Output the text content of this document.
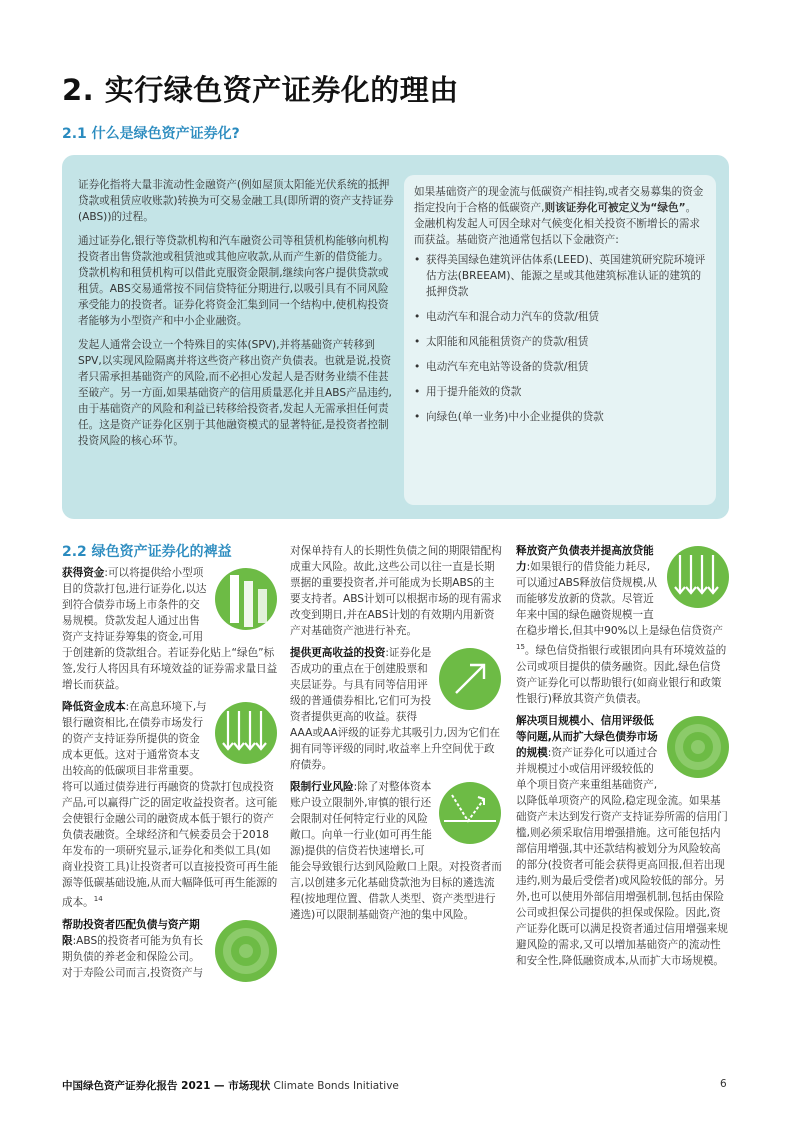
2. 实行绿色资产证券化的理由
2.1 什么是绿色资产证券化?

证券化指将大量非流动性金融资产(例如屋顶太阳能光伏系统的抵押贷款或租赁应收账款)转换为可交易金融工具(即所谓的资产支持证券(ABS))的过程。

通过证券化,银行等贷款机构和汽车融资公司等租赁机构能够向机构投资者出售贷款池或租赁池或其他应收款,从而产生新的借贷能力。贷款机构和租赁机构可以借此克服资金限制,继续向客户提供贷款或租赁。ABS交易通常按不同信贷特征分期进行,以吸引具有不同风险承受能力的投资者。证券化将资金汇集到同一个结构中,使机构投资者能够为小型资产和中小企业融资。

发起人通常会设立一个特殊目的实体(SPV),并将基础资产转移到SPV,以实现风险隔离并将这些资产移出资产负债表。也就是说,投资者只需承担基础资产的风险,而不必担心发起人是否财务业绩不佳甚至破产。另一方面,如果基础资产的信用质量恶化并且ABS产品违约,由于基础资产的风险和利益已转移给投资者,发起人无需承担任何责任。这是资产证券化区别于其他融资模式的显著特征,是投资者控制投资风险的核心环节。

如果基础资产的现金流与低碳资产相挂钩,或者交易募集的资金指定投向于合格的低碳资产,则该证券化可被定义为“绿色”。金融机构发起人可因全球对气候变化相关投资不断增长的需求而获益。基础资产池通常包括以下金融资产:

• 获得美国绿色建筑评估体系(LEED)、英国建筑研究院环境评估方法(BREEAM)、能源之星或其他建筑标准认证的建筑的抵押贷款
• 电动汽车和混合动力汽车的贷款/租赁
• 太阳能和风能租赁资产的贷款/租赁
• 电动汽车充电站等设备的贷款/租赁
• 用于提升能效的贷款
• 向绿色(单一业务)中小企业提供的贷款
2.2 绿色资产证券化的裨益

获得资金:可以将提供给小型项目的贷款打包,进行证券化,以达到符合债券市场上市条件的交易规模。贷款发起人通过出售资产支持证券筹集的资金,可用于创建新的贷款组合。若证券化贴上“绿色”标签,发行人将因具有环境效益的证券需求量日益增长而获益。

降低资金成本:在高息环境下,与银行融资相比,在债券市场发行的资产支持证券所提供的资金成本更低。这对于通常资本支出较高的低碳项目非常重要。将可以通过债券进行再融资的贷款打包成投资产品,可以赢得广泛的固定收益投资者。这可能会使银行金融公司的融资成本低于银行的资产负债表融资。全球经济和气候委员会于2018年发布的一项研究显示,证券化和类似工具(如商业投资工具)让投资者可以直接投资可再生能源等低碳基础设施,从而大幅降低可再生能源的成本。$^{14}$

帮助投资者匹配负债与资产期限:ABS的投资者可能为负有长期负债的养老金和保险公司。对于寿险公司而言,投资资产与

对保单持有人的长期性负债之间的期限错配构成重大风险。故此,这些公司以往一直是长期票据的重要投资者,并可能成为长期ABS的主要支持者。ABS计划可以根据市场的现有需求改变到期日,并在ABS计划的有效期内用新资产对基础资产池进行补充。

提供更高收益的投资:证券化是否成功的重点在于创建股票和夹层证券。与具有同等信用评级的普通债券相比,它们可为投资者提供更高的收益。获得AAA或AA评级的证券尤其吸引力,因为它们在拥有同等评级的同时,收益率上升空间优于政府债券。

限制行业风险:除了对整体资本账户设立限制外,审慎的银行还会限制对任何特定行业的风险敞口。向单一行业(如可再生能源)提供的信贷若快速增长,可能会导致银行达到风险敞口上限。对投资者而言,以创建多元化基础贷款池为目标的遴选流程(按地理位置、借款人类型、资产类型进行遴选)可以限制基础资产池的集中风险。

释放资产负债表并提高放贷能力:如果银行的借贷能力耗尽,可以通过ABS释放信贷规模,从而能够发放新的贷款。尽管近年来中国的绿色融资规模一直在稳步增长,但其中90%以上是绿色信贷资产$^{15}$。绿色信贷指银行或银团向具有环境效益的公司或项目提供的债务融资。因此,绿色信贷资产证券化可以帮助银行(如商业银行和政策性银行)释放其资产负债表。

解决项目规模小、信用评级低等问题,从而扩大绿色债券市场的规模:资产证券化可以通过合并规模过小或信用评级较低的单个项目资产来重组基础资产,以降低单项资产的风险,稳定现金流。如果基础资产未达到发行资产支持证券所需的信用门槛,则必须采取信用增强措施。这可能包括内部信用增强,其中还款结构被划分为风险较高的部分(投资者可能会获得更高回报,但若出现违约,则为最后受偿者)或风险较低的部分。另外,也可以使用外部信用增强机制,包括由保险公司或担保公司提供的担保或保险。因此,资产证券化既可以满足投资者通过信用增强来规避风险的需求,又可以增加基础资产的流动性和安全性,降低融资成本,从而扩大市场规模。

中国绿色资产证券化报告 2021 — 市场现状 Climate Bonds Initiative	6
